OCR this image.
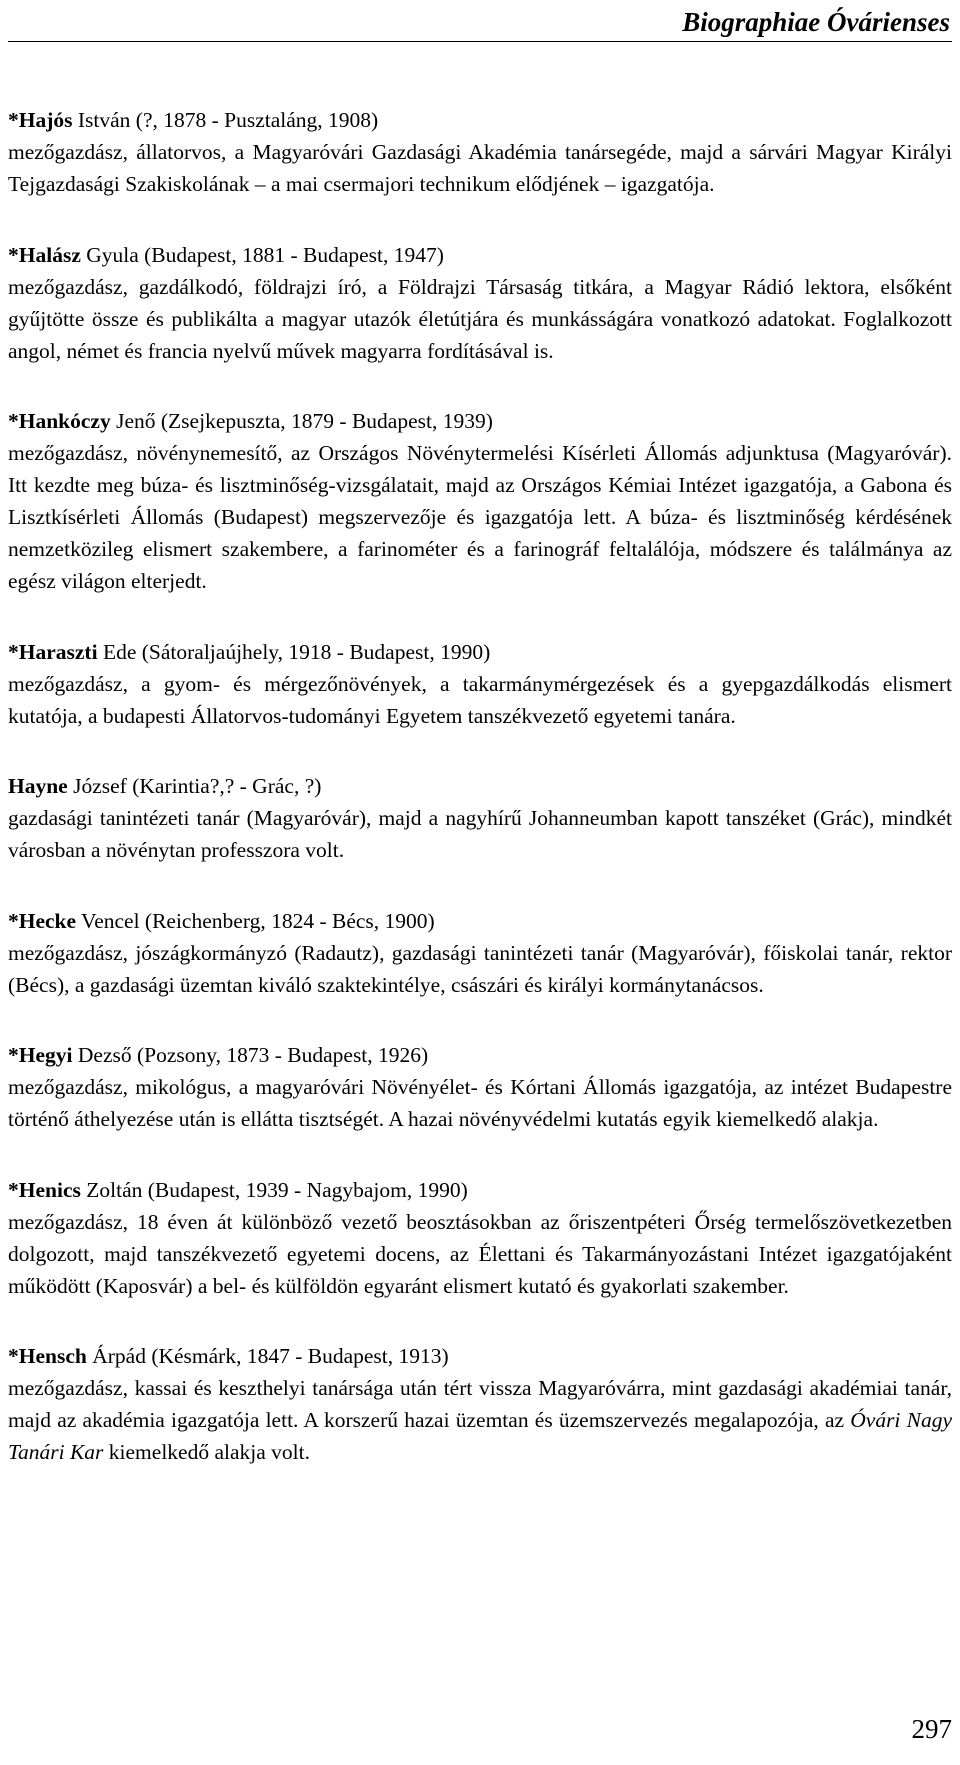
Biographiae Óvárienses
*Hajós István (?, 1878 - Pusztaláng, 1908)
mezőgazdász, állatorvos, a Magyaróvári Gazdasági Akadémia tanársegéde, majd a sárvári Magyar Királyi Tejgazdasági Szakiskolának – a mai csermajori technikum elődjének – igazgatója.
*Halász Gyula (Budapest, 1881 - Budapest, 1947)
mezőgazdász, gazdálkodó, földrajzi író, a Földrajzi Társaság titkára, a Magyar Rádió lektora, elsőként gyűjtötte össze és publikálta a magyar utazók életútjára és munkásságára vonatkozó adatokat. Foglalkozott angol, német és francia nyelvű művek magyarra fordításával is.
*Hankóczy Jenő (Zsejkepuszta, 1879 - Budapest, 1939)
mezőgazdász, növénynemesítő, az Országos Növénytermelési Kísérleti Állomás adjunktusa (Magyaróvár). Itt kezdte meg búza- és lisztminőség-vizsgálatait, majd az Országos Kémiai Intézet igazgatója, a Gabona és Lisztkísérleti Állomás (Budapest) megszervezője és igazgatója lett. A búza- és lisztminőség kérdésének nemzetközileg elismert szakembere, a farinométer és a farinográf feltalálója, módszere és találmánya az egész világon elterjedt.
*Haraszti Ede (Sátoraljaújhely, 1918 - Budapest, 1990)
mezőgazdász, a gyom- és mérgezőnövények, a takarmánymérgezések és a gyepgazdálkodás elismert kutatója, a budapesti Állatorvos-tudományi Egyetem tanszékvezető egyetemi tanára.
Hayne József (Karintia?,? - Grác, ?)
gazdasági tanintézeti tanár (Magyaróvár), majd a nagyhírű Johanneumban kapott tanszéket (Grác), mindkét városban a növénytan professzora volt.
*Hecke Vencel (Reichenberg, 1824 - Bécs, 1900)
mezőgazdász, jószágkormányzó (Radautz), gazdasági tanintézeti tanár (Magyaróvár), főiskolai tanár, rektor (Bécs), a gazdasági üzemtan kiváló szaktekintélye, császári és királyi kormánytanácsos.
*Hegyi Dezső (Pozsony, 1873 - Budapest, 1926)
mezőgazdász, mikológus, a magyaróvári Növényélet- és Kórtani Állomás igazgatója, az intézet Budapestre történő áthelyezése után is ellátta tisztségét. A hazai növényvédelmi kutatás egyik kiemelkedő alakja.
*Henics Zoltán (Budapest, 1939 - Nagybajom, 1990)
mezőgazdász, 18 éven át különböző vezető beosztásokban az őriszentpéteri Őrség termelőszövetkezetben dolgozott, majd tanszékvezető egyetemi docens, az Élettani és Takarmányozástani Intézet igazgatójaként működött (Kaposvár) a bel- és külföldön egyaránt elismert kutató és gyakorlati szakember.
*Hensch Árpád (Késmárk, 1847 - Budapest, 1913)
mezőgazdász, kassai és keszthelyi tanársága után tért vissza Magyaróvárra, mint gazdasági akadémiai tanár, majd az akadémia igazgatója lett. A korszerű hazai üzemtan és üzemszervezés megalapozója, az Óvári Nagy Tanári Kar kiemelkedő alakja volt.
297
